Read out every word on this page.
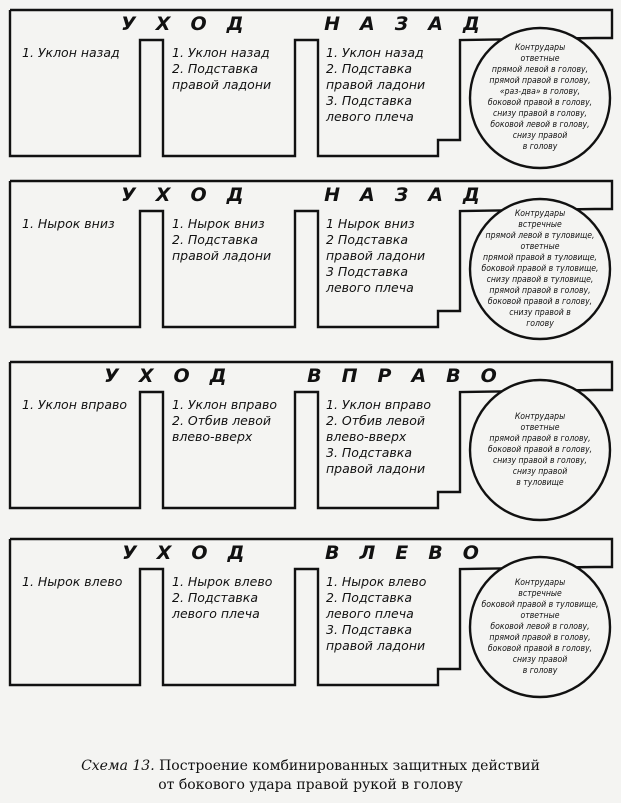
УХОД НАЗАД
1. Уклон назад	1. Уклон назад
2. Подставка
правой ладони
1. Уклон назад
2. Подставка
правой ладони
3. Подставка
левого плеча
Контрудары
ответные
прямой левой в голову,
прямой правой в голову,
«раз-два» в голову,
боковой правой в голову,
снизу правой в голову,
боковой левой в голову,
снизу правой
в голову
УХОД НАЗАД
1. Нырок вниз	1. Нырок вниз
2. Подставка
правой ладони
1 Нырок вниз
2 Подставка
правой ладони
3 Подставка
левого плеча
Контрудары
встречные
прямой левой в туловище,
ответные
прямой правой в туловище,
боковой правой в туловище,
снизу правой в туловище,
прямой правой в голову,
боковой правой в голову,
снизу правой в
голову
УХОД ВПРАВО
1. Уклон вправо	1. Уклон вправо
2. Отбив левой
влево-вверх
1. Уклон вправо
2. Отбив левой
влево-вверх
3. Подставка
правой ладони
Контрудары
ответные
прямой правой в голову,
боковой правой в голову,
снизу правой в голову,
снизу правой
в туловище
УХОД ВЛЕВО
1. Нырок влево	1. Нырок влево
2. Подставка
левого плеча
1. Нырок влево
2. Подставка
левого плеча
3. Подставка
правой ладони
Контрудары
встречные
боковой правой в туловище,
ответные
боковой левой в голову,
прямой правой в голову,
боковой правой в голову,
снизу правой
в голову
Схема 13. Построение комбинированных защитных действий
от бокового удара правой рукой в голову
